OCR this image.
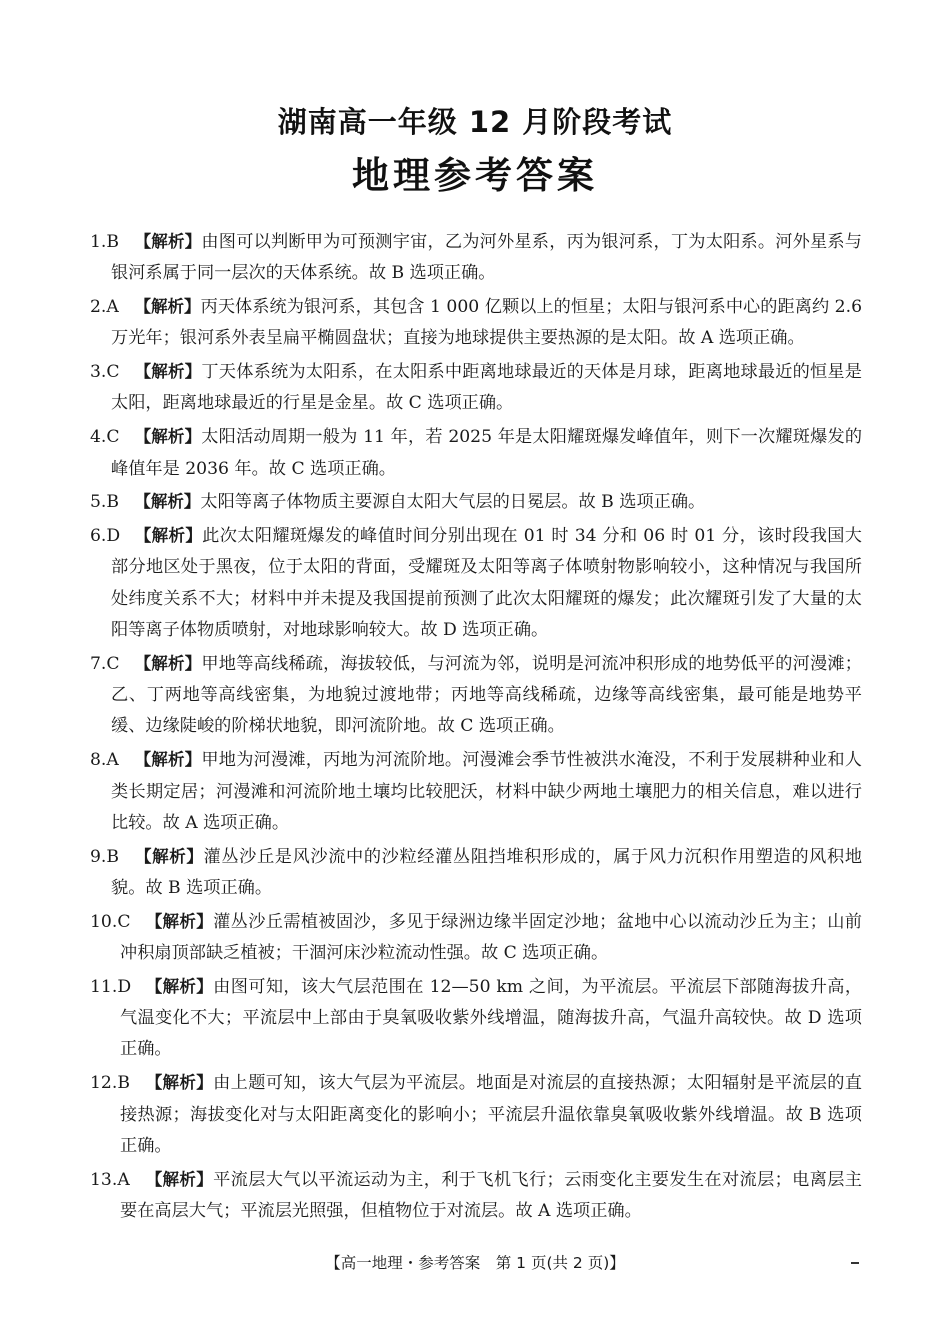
湖南高一年级 12 月阶段考试
地理参考答案
1.B 【解析】由图可以判断甲为可预测宇宙，乙为河外星系，丙为银河系，丁为太阳系。河外星系与银河系属于同一层次的天体系统。故 B 选项正确。
2.A 【解析】丙天体系统为银河系，其包含 1 000 亿颗以上的恒星；太阳与银河系中心的距离约 2.6 万光年；银河系外表呈扁平椭圆盘状；直接为地球提供主要热源的是太阳。故 A 选项正确。
3.C 【解析】丁天体系统为太阳系，在太阳系中距离地球最近的天体是月球，距离地球最近的恒星是太阳，距离地球最近的行星是金星。故 C 选项正确。
4.C 【解析】太阳活动周期一般为 11 年，若 2025 年是太阳耀斑爆发峰值年，则下一次耀斑爆发的峰值年是 2036 年。故 C 选项正确。
5.B 【解析】太阳等离子体物质主要源自太阳大气层的日冕层。故 B 选项正确。
6.D 【解析】此次太阳耀斑爆发的峰值时间分别出现在 01 时 34 分和 06 时 01 分，该时段我国大部分地区处于黑夜，位于太阳的背面，受耀斑及太阳等离子体喷射物影响较小，这种情况与我国所处纬度关系不大；材料中并未提及我国提前预测了此次太阳耀斑的爆发；此次耀斑引发了大量的太阳等离子体物质喷射，对地球影响较大。故 D 选项正确。
7.C 【解析】甲地等高线稀疏，海拔较低，与河流为邻，说明是河流冲积形成的地势低平的河漫滩；乙、丁两地等高线密集，为地貌过渡地带；丙地等高线稀疏，边缘等高线密集，最可能是地势平缓、边缘陡峻的阶梯状地貌，即河流阶地。故 C 选项正确。
8.A 【解析】甲地为河漫滩，丙地为河流阶地。河漫滩会季节性被洪水淹没，不利于发展耕种业和人类长期定居；河漫滩和河流阶地土壤均比较肥沃，材料中缺少两地土壤肥力的相关信息，难以进行比较。故 A 选项正确。
9.B 【解析】灌丛沙丘是风沙流中的沙粒经灌丛阻挡堆积形成的，属于风力沉积作用塑造的风积地貌。故 B 选项正确。
10.C 【解析】灌丛沙丘需植被固沙，多见于绿洲边缘半固定沙地；盆地中心以流动沙丘为主；山前冲积扇顶部缺乏植被；干涸河床沙粒流动性强。故 C 选项正确。
11.D 【解析】由图可知，该大气层范围在 12—50 km 之间，为平流层。平流层下部随海拔升高，气温变化不大；平流层中上部由于臭氧吸收紫外线增温，随海拔升高，气温升高较快。故 D 选项正确。
12.B 【解析】由上题可知，该大气层为平流层。地面是对流层的直接热源；太阳辐射是平流层的直接热源；海拔变化对与太阳距离变化的影响小；平流层升温依靠臭氧吸收紫外线增温。故 B 选项正确。
13.A 【解析】平流层大气以平流运动为主，利于飞机飞行；云雨变化主要发生在对流层；电离层主要在高层大气；平流层光照强，但植物位于对流层。故 A 选项正确。
【高一地理・参考答案　第 1 页(共 2 页)】
